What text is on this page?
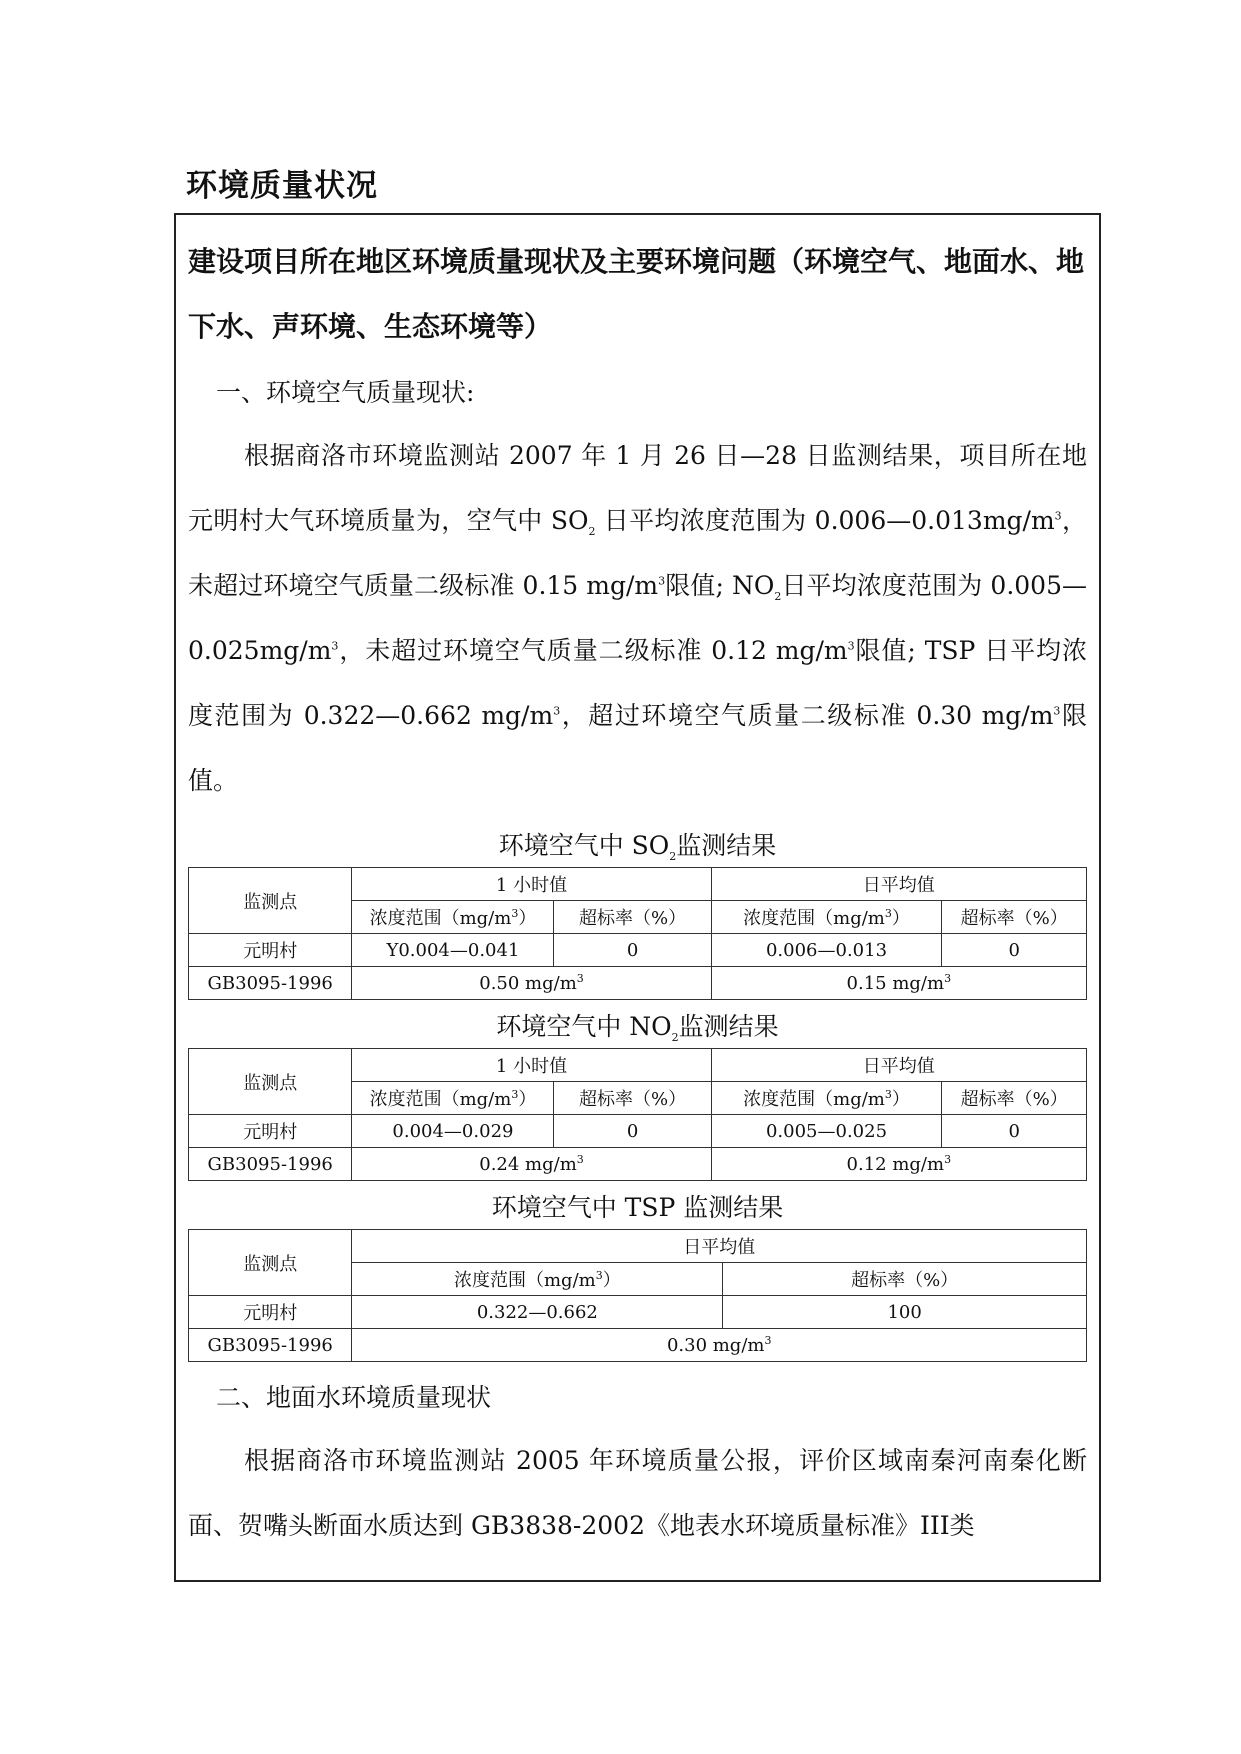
环境质量状况

建设项目所在地区环境质量现状及主要环境问题（环境空气、地面水、地下水、声环境、生态环境等）

一、环境空气质量现状:

根据商洛市环境监测站 2007 年 1 月 26 日—28 日监测结果，项目所在地元明村大气环境质量为，空气中 $SO_2$ 日平均浓度范围为 $0.006—0.013mg/m^3$，未超过环境空气质量二级标准 0.15 $mg/m^3$限值; $NO_2$日平均浓度范围为 $0.005—0.025mg/m^3$，未超过环境空气质量二级标准 0.12 $mg/m^3$限值; TSP 日平均浓度范围为 0.322—0.662 $mg/m^3$，超过环境空气质量二级标准 0.30 $mg/m^3$限值。

环境空气中 $SO_2$监测结果
监测点	1 小时值		日平均值	
	浓度范围$(mg/m^3)$	超标率（%）	浓度范围$(mg/m^3)$	超标率（%）
元明村	Y0.004—0.041	0	0.006—0.013	0
GB3095-1996	0.50 $mg/m^3$		0.15 $mg/m^3$
环境空气中 $NO_2$监测结果
监测点	1 小时值		日平均值	
	浓度范围$(mg/m^3)$	超标率（%）	浓度范围$(mg/m^3)$	超标率（%）
元明村	0.004—0.029	0	0.005—0.025	0
GB3095-1996	0.24 $mg/m^3$		0.12 $mg/m^3$
环境空气中 TSP 监测结果
监测点	日平均值	
	浓度范围$(mg/m^3)$	超标率（%）
元明村	0.322—0.662	100
GB3095-1996	0.30 $mg/m^3$

二、地面水环境质量现状

根据商洛市环境监测站 2005 年环境质量公报，评价区域南秦河南秦化断面、贺嘴头断面水质达到 GB3838-2002《地表水环境质量标准》III类
